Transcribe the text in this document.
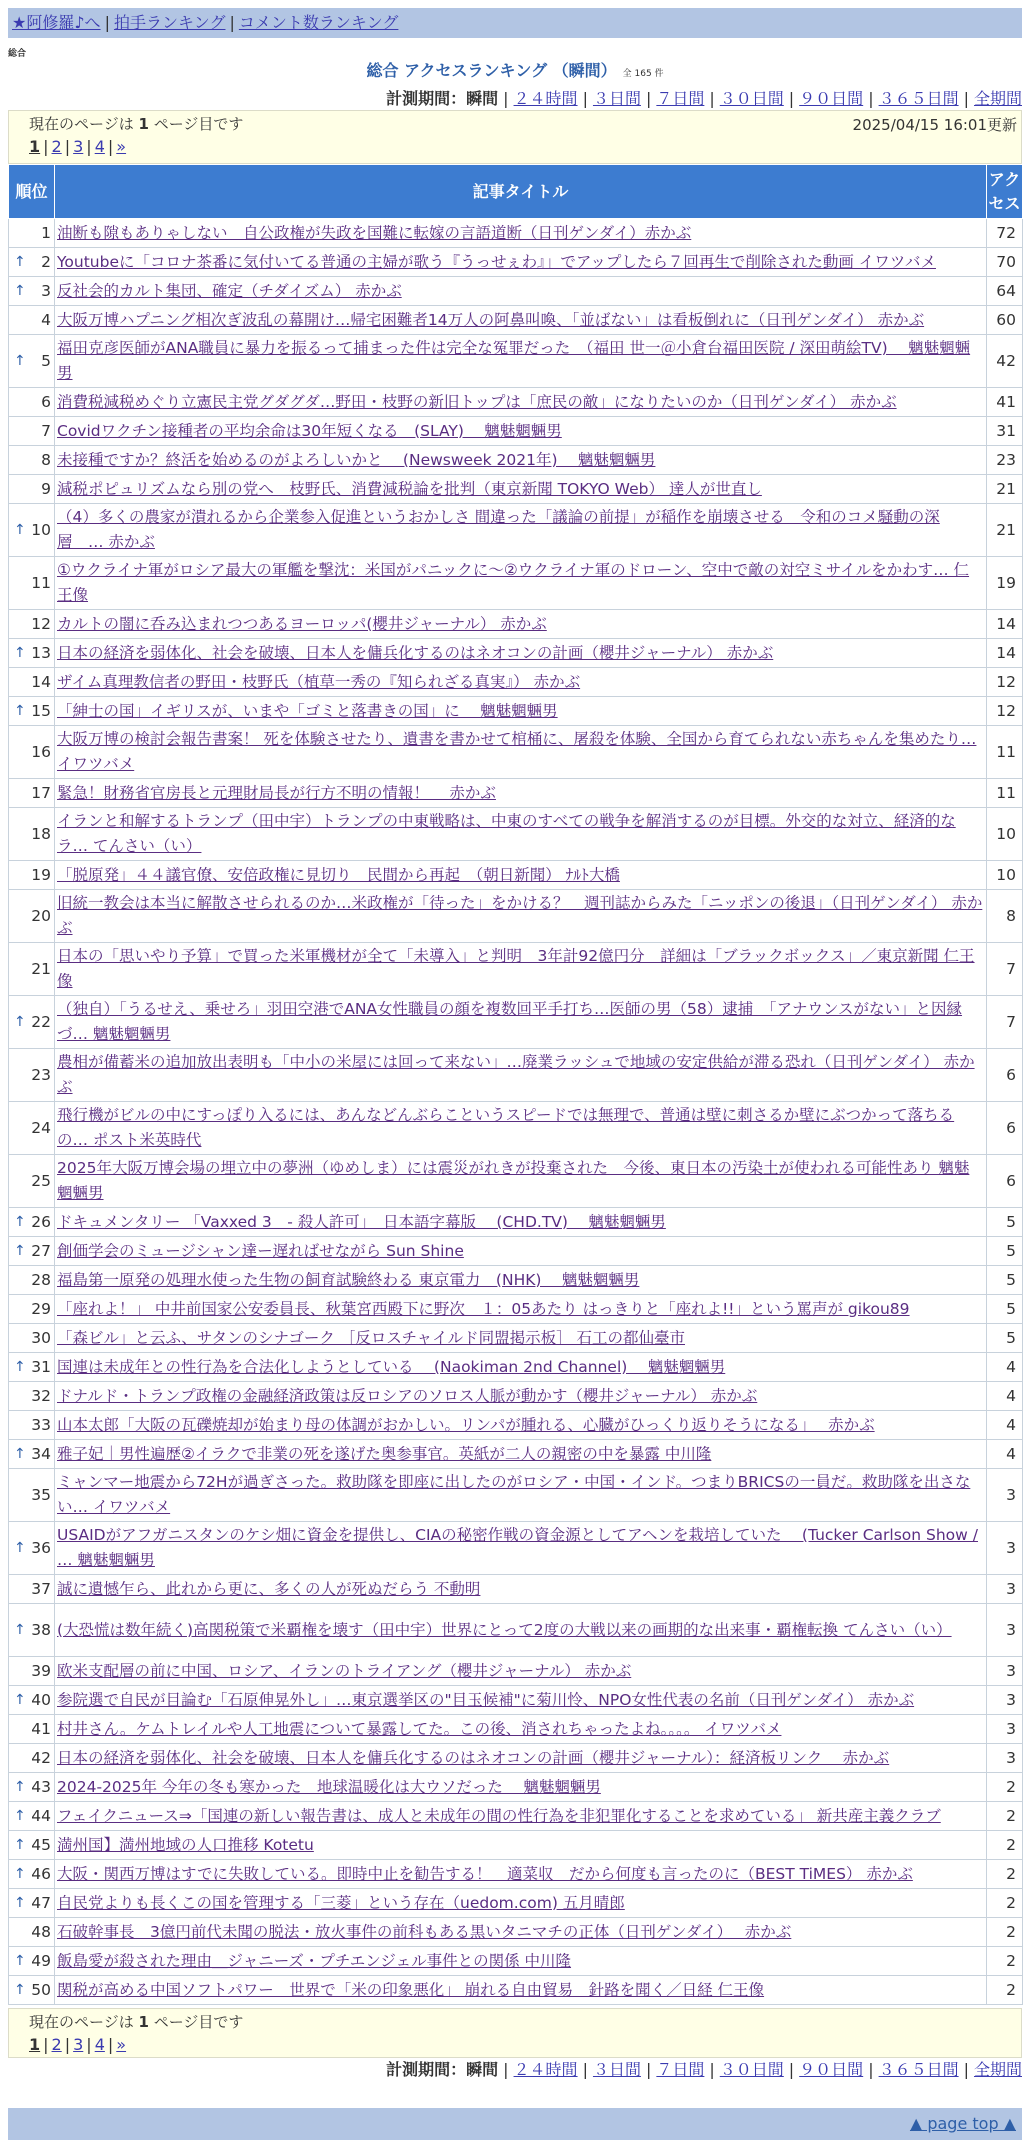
★阿修羅♪へ | 拍手ランキング | コメント数ランキング
総合
総合 アクセスランキング （瞬間） 全 165 件
計測期間：瞬間 | ２４時間 | ３日間 | ７日間 | ３０日間 | ９０日間 | ３６５日間 | 全期間
現在のページは 1 ページ目です	2025/04/15 16:01更新
1 | 2 | 3 | 4 | »
順位	記事タイトル	アクセス
1	油断も隙もありゃしない　自公政権が失政を国難に転嫁の言語道断（日刊ゲンダイ）赤かぶ	72

↑ 2	Youtubeに「コロナ茶番に気付いてる普通の主婦が歌う『うっせぇわ』」でアップしたら７回再生で削除された動画 イワツバメ	70

↑ 3	反社会的カルト集団、確定（チダイズム） 赤かぶ	64
4	大阪万博ハプニング相次ぎ波乱の幕開け…帰宅困難者14万人の阿鼻叫喚、「並ばない」は看板倒れに（日刊ゲンダイ） 赤かぶ	60

↑ 5	福田克彦医師がANA職員に暴力を振るって捕まった件は完全な冤罪だった　（福田 世一＠小倉台福田医院 / 深田萌絵TV)　 魑魅魍魎男	42
6	消費税減税めぐり立憲民主党グダグダ…野田・枝野の新旧トップは「庶民の敵」になりたいのか（日刊ゲンダイ） 赤かぶ	41
7	Covidワクチン接種者の平均余命は30年短くなる　(SLAY)　 魑魅魍魎男	31
8	未接種ですか？終活を始めるのがよろしいかと　 (Newsweek 2021年)　 魑魅魍魎男	23
9	減税ポピュリズムなら別の党へ　枝野氏、消費減税論を批判（東京新聞 TOKYO Web） 達人が世直し	21

↑ 10	（4）多くの農家が潰れるから企業参入促進というおかしさ 間違った「議論の前提」が稲作を崩壊させる　令和のコメ騒動の深層　… 赤かぶ	21
11	①ウクライナ軍がロシア最大の軍艦を撃沈：米国がパニックに〜②ウクライナ軍のドローン、空中で敵の対空ミサイルをかわす… 仁王像	19
12	カルトの闇に呑み込まれつつあるヨーロッパ(櫻井ジャーナル） 赤かぶ	14

↑ 13	日本の経済を弱体化、社会を破壊、日本人を傭兵化するのはネオコンの計画（櫻井ジャーナル） 赤かぶ	14
14	ザイム真理教信者の野田・枝野氏（植草一秀の『知られざる真実』） 赤かぶ	12

↑ 15	「紳士の国」イギリスが、いまや「ゴミと落書きの国」に　 魑魅魍魎男	12
16	大阪万博の検討会報告書案！ 死を体験させたり、遺書を書かせて棺桶に、屠殺を体験、全国から育てられない赤ちゃんを集めたり… イワツバメ	11
17	緊急！財務省官房長と元理財局長が行方不明の情報！　 赤かぶ	11
18	イランと和解するトランプ（田中宇）トランプの中東戦略は、中東のすべての戦争を解消するのが目標。外交的な対立、経済的なラ… てんさい（い）	10
19	「脱原発」４４議官僚、安倍政権に見切り　民間から再起　（朝日新聞） ﾅﾙﾄ大橋	10
20	旧統一教会は本当に解散させられるのか…米政権が「待った」をかける？　週刊誌からみた「ニッポンの後退」（日刊ゲンダイ） 赤かぶ	8
21	日本の「思いやり予算」で買った米軍機材が全て「未導入」と判明　3年計92億円分　詳細は「ブラックボックス」／東京新聞 仁王像	7

↑ 22	（独自）「うるせえ、乗せろ」羽田空港でANA女性職員の顔を複数回平手打ち…医師の男（58）逮捕　「アナウンスがない」と因縁づ… 魑魅魍魎男	7
23	農相が備蓄米の追加放出表明も「中小の米屋には回って来ない」…廃業ラッシュで地域の安定供給が滞る恐れ（日刊ゲンダイ） 赤かぶ	6
24	飛行機がビルの中にすっぽり入るには、あんなどんぶらこというスピードでは無理で、普通は壁に刺さるか壁にぶつかって落ちるの… ポスト米英時代	6
25	2025年大阪万博会場の埋立中の夢洲（ゆめしま）には震災がれきが投棄された　今後、東日本の汚染土が使われる可能性あり 魑魅魍魎男	6

↑ 26	ドキュメンタリー 「Vaxxed 3　- 殺人許可」　日本語字幕版　 (CHD.TV)　 魑魅魍魎男	5

↑ 27	創価学会のミュージシャン達ー遅ればせながら Sun Shine	5
28	福島第一原発の処理水使った生物の飼育試験終わる 東京電力　(NHK)　 魑魅魍魎男	5
29	「座れよ！」 中井前国家公安委員長、秋葉宮西殿下に野次　１：05あたり はっきりと「座れよ!!」という罵声が gikou89	5
30	「森ビル」と云ふ、サタンのシナゴーク ［反ロスチャイルド同盟掲示板］ 石工の都仙臺市	5

↑ 31	国連は未成年との性行為を合法化しようとしている　 (Naokiman 2nd Channel)　 魑魅魍魎男	4
32	ドナルド・トランプ政権の金融経済政策は反ロシアのソロス人脈が動かす（櫻井ジャーナル） 赤かぶ	4
33	山本太郎「大阪の瓦礫焼却が始まり母の体調がおかしい。リンパが腫れる、心臓がひっくり返りそうになる」　 赤かぶ	4

↑ 34	雅子妃｜男性遍歴②イラクで非業の死を遂げた奥参事官。英紙が二人の親密の中を暴露 中川隆	4
35	ミャンマー地震から72Hが過ぎさった。救助隊を即座に出したのがロシア・中国・インド。つまりBRICSの一員だ。救助隊を出さない… イワツバメ	3

↑ 36	USAIDがアフガニスタンのケシ畑に資金を提供し、CIAの秘密作戦の資金源としてアヘンを栽培していた　 (Tucker Carlson Show / … 魑魅魍魎男	3
37	誠に遺憾乍ら、此れから更に、多くの人が死ぬだらう 不動明	3

↑ 38	(大恐慌は数年続く)高関税策で米覇権を壊す（田中宇）世界にとって2度の大戦以来の画期的な出来事・覇権転換 てんさい（い）	3
39	欧米支配層の前に中国、ロシア、イランのトライアング（櫻井ジャーナル） 赤かぶ	3

↑ 40	参院選で自民が目論む「石原伸晃外し」…東京選挙区の"目玉候補"に菊川怜、NPO女性代表の名前（日刊ゲンダイ） 赤かぶ	3
41	村井さん。ケムトレイルや人工地震について暴露してた。この後、消されちゃったよね。。。。 イワツバメ	3
42	日本の経済を弱体化、社会を破壊、日本人を傭兵化するのはネオコンの計画（櫻井ジャーナル）：経済板リンク　 赤かぶ	3

↑ 43	2024-2025年 今年の冬も寒かった　地球温暖化は大ウソだった　 魑魅魍魎男	2

↑ 44	フェイクニュース⇒「国連の新しい報告書は、成人と未成年の間の性行為を非犯罪化することを求めている」 新共産主義クラブ	2

↑ 45	満州国】満州地域の人口推移 Kotetu	2

↑ 46	大阪・関西万博はすでに失敗している。即時中止を勧告する！　適菜収　だから何度も言ったのに（BEST TiMES） 赤かぶ	2

↑ 47	自民党よりも長くこの国を管理する「三菱」という存在（uedom.com) 五月晴郎	2
48	石破幹事長　3億円前代未聞の脱法・放火事件の前科もある黒いタニマチの正体（日刊ゲンダイ）　 赤かぶ	2

↑ 49	飯島愛が殺された理由＿ジャニーズ・プチエンジェル事件との関係 中川隆	2

↑ 50	関税が高める中国ソフトパワー　世界で「米の印象悪化」 崩れる自由貿易　針路を聞く／日経 仁王像	2
現在のページは 1 ページ目です
1 | 2 | 3 | 4 | »
計測期間：瞬間 | ２４時間 | ３日間 | ７日間 | ３０日間 | ９０日間 | ３６５日間 | 全期間
▲ page top ▲
